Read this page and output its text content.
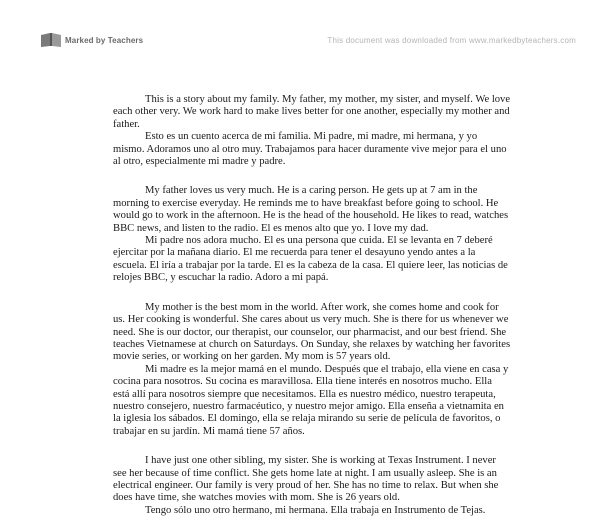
Marked by Teachers	This document was downloaded from www.markedbyteachers.com

This is a story about my family. My father, my mother, my sister, and myself. We love each other very. We work hard to make lives better for one another, especially my mother and father.

Esto es un cuento acerca de mi familia. Mi padre, mi madre, mi hermana, y yo mismo. Adoramos uno al otro muy. Trabajamos para hacer duramente vive mejor para el uno al otro, especialmente mi madre y padre.

My father loves us very much. He is a caring person. He gets up at 7 am in the morning to exercise everyday. He reminds me to have breakfast before going to school. He would go to work in the afternoon. He is the head of the household. He likes to read, watches BBC news, and listen to the radio. El es menos alto que yo. I love my dad.

Mi padre nos adora mucho. El es una persona que cuida. El se levanta en 7 deberé ejercitar por la mañana diario. El me recuerda para tener el desayuno yendo antes a la escuela. El iría a trabajar por la tarde. El es la cabeza de la casa. El quiere leer, las noticias de relojes BBC, y escuchar la radio. Adoro a mi papá.

My mother is the best mom in the world. After work, she comes home and cook for us. Her cooking is wonderful. She cares about us very much. She is there for us whenever we need. She is our doctor, our therapist, our counselor, our pharmacist, and our best friend. She teaches Vietnamese at church on Saturdays. On Sunday, she relaxes by watching her favorites movie series, or working on her garden. My mom is 57 years old.

Mi madre es la mejor mamá en el mundo. Después que el trabajo, ella viene en casa y cocina para nosotros. Su cocina es maravillosa. Ella tiene interés en nosotros mucho. Ella está allí para nosotros siempre que necesitamos. Ella es nuestro médico, nuestro terapeuta, nuestro consejero, nuestro farmacéutico, y nuestro mejor amigo. Ella enseña a vietnamita en la iglesia los sábados. El domingo, ella se relaja mirando su serie de película de favoritos, o trabajar en su jardín. Mi mamá tiene 57 años.

I have just one other sibling, my sister. She is working at Texas Instrument. I never see her because of time conflict. She gets home late at night. I am usually asleep. She is an electrical engineer. Our family is very proud of her. She has no time to relax. But when she does have time, she watches movies with mom. She is 26 years old.

Tengo sólo uno otro hermano, mi hermana. Ella trabaja en Instrumento de Tejas.
